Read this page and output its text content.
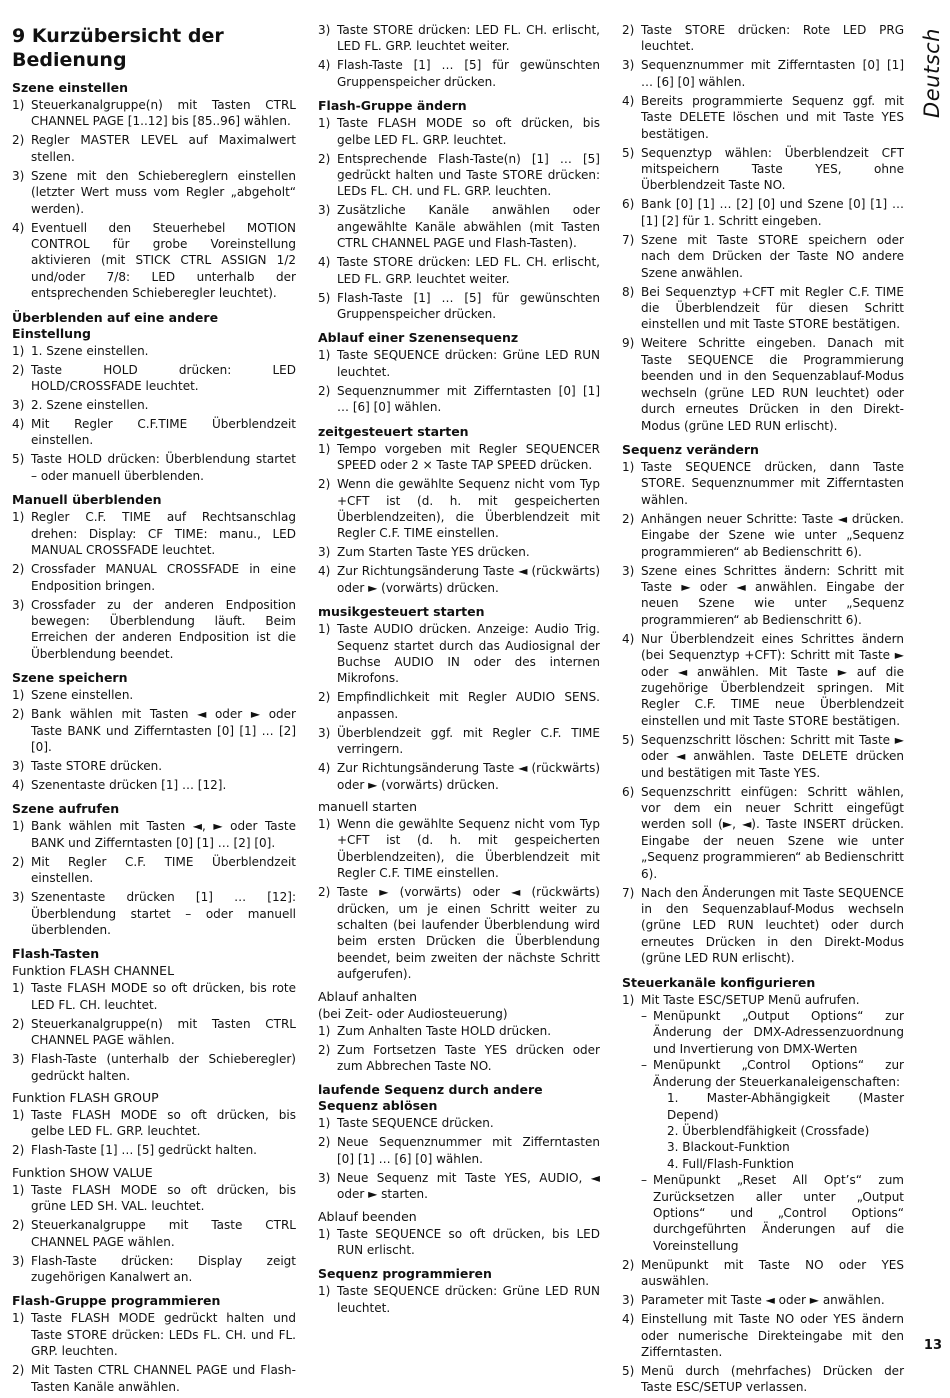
9 Kurzübersicht der Bedienung
Szene einstellen
1) Steuerkanalgruppe(n) mit Tasten CTRL CHANNEL PAGE [1..12] bis [85..96] wählen.
2) Regler MASTER LEVEL auf Maximalwert stellen.
3) Szene mit den Schiebereglern einstellen (letzter Wert muss vom Regler „abgeholt“ werden).
4) Eventuell den Steuerhebel MOTION CONTROL für grobe Voreinstellung aktivieren (mit STICK CTRL ASSIGN 1/2 und/oder 7/8: LED unterhalb der entsprechenden Schieberegler leuchtet).
Überblenden auf eine andere Einstellung
1) 1. Szene einstellen.
2) Taste HOLD drücken: LED HOLD/CROSSFADE leuchtet.
3) 2. Szene einstellen.
4) Mit Regler C.F.TIME Überblendzeit einstellen.
5) Taste HOLD drücken: Überblendung startet – oder manuell überblenden.
Manuell überblenden
1) Regler C.F. TIME auf Rechtsanschlag drehen: Display: CF TIME: manu., LED MANUAL CROSSFADE leuchtet.
2) Crossfader MANUAL CROSSFADE in eine Endposition bringen.
3) Crossfader zu der anderen Endposition bewegen: Überblendung läuft. Beim Erreichen der anderen Endposition ist die Überblendung beendet.
Szene speichern
1) Szene einstellen.
2) Bank wählen mit Tasten ◄ oder ► oder Taste BANK und Zifferntasten [0] [1] … [2] [0].
3) Taste STORE drücken.
4) Szenentaste drücken [1] … [12].
Szene aufrufen
1) Bank wählen mit Tasten ◄, ► oder Taste BANK und Zifferntasten [0] [1] … [2] [0].
2) Mit Regler C.F. TIME Überblendzeit einstellen.
3) Szenentaste drücken [1] … [12]: Überblendung startet – oder manuell überblenden.
Flash-Tasten
Funktion FLASH CHANNEL
1) Taste FLASH MODE so oft drücken, bis rote LED FL. CH. leuchtet.
2) Steuerkanalgruppe(n) mit Tasten CTRL CHANNEL PAGE wählen.
3) Flash-Taste (unterhalb der Schieberegler) gedrückt halten.
Funktion FLASH GROUP
1) Taste FLASH MODE so oft drücken, bis gelbe LED FL. GRP. leuchtet.
2) Flash-Taste [1] … [5] gedrückt halten.
Funktion SHOW VALUE
1) Taste FLASH MODE so oft drücken, bis grüne LED SH. VAL. leuchtet.
2) Steuerkanalgruppe mit Taste CTRL CHANNEL PAGE wählen.
3) Flash-Taste drücken: Display zeigt zugehörigen Kanalwert an.
Flash-Gruppe programmieren
1) Taste FLASH MODE gedrückt halten und Taste STORE drücken: LEDs FL. CH. und FL. GRP. leuchten.
2) Mit Tasten CTRL CHANNEL PAGE und Flash-Tasten Kanäle anwählen.
3) Taste STORE drücken: LED FL. CH. erlischt, LED FL. GRP. leuchtet weiter.
4) Flash-Taste [1] … [5] für gewünschten Gruppenspeicher drücken.
Flash-Gruppe ändern
1) Taste FLASH MODE so oft drücken, bis gelbe LED FL. GRP. leuchtet.
2) Entsprechende Flash-Taste(n) [1] … [5] gedrückt halten und Taste STORE drücken: LEDs FL. CH. und FL. GRP. leuchten.
3) Zusätzliche Kanäle anwählen oder angewählte Kanäle abwählen (mit Tasten CTRL CHANNEL PAGE und Flash-Tasten).
4) Taste STORE drücken: LED FL. CH. erlischt, LED FL. GRP. leuchtet weiter.
5) Flash-Taste [1] … [5] für gewünschten Gruppenspeicher drücken.
Ablauf einer Szenensequenz
1) Taste SEQUENCE drücken: Grüne LED RUN leuchtet.
2) Sequenznummer mit Zifferntasten [0] [1] … [6] [0] wählen.
zeitgesteuert starten
1) Tempo vorgeben mit Regler SEQUENCER SPEED oder 2 × Taste TAP SPEED drücken.
2) Wenn die gewählte Sequenz nicht vom Typ +CFT ist (d. h. mit gespeicherten Überblendzeiten), die Überblendzeit mit Regler C.F. TIME einstellen.
3) Zum Starten Taste YES drücken.
4) Zur Richtungsänderung Taste ◄ (rückwärts) oder ► (vorwärts) drücken.
musikgesteuert starten
1) Taste AUDIO drücken. Anzeige: Audio Trig. Sequenz startet durch das Audiosignal der Buchse AUDIO IN oder des internen Mikrofons.
2) Empfindlichkeit mit Regler AUDIO SENS. anpassen.
3) Überblendzeit ggf. mit Regler C.F. TIME verringern.
4) Zur Richtungsänderung Taste ◄ (rückwärts) oder ► (vorwärts) drücken.
manuell starten
1) Wenn die gewählte Sequenz nicht vom Typ +CFT ist (d. h. mit gespeicherten Überblendzeiten), die Überblendzeit mit Regler C.F. TIME einstellen.
2) Taste ► (vorwärts) oder ◄ (rückwärts) drücken, um je einen Schritt weiter zu schalten (bei laufender Überblendung wird beim ersten Drücken die Überblendung beendet, beim zweiten der nächste Schritt aufgerufen).
Ablauf anhalten
(bei Zeit- oder Audiosteuerung)
1) Zum Anhalten Taste HOLD drücken.
2) Zum Fortsetzen Taste YES drücken oder zum Abbrechen Taste NO.
laufende Sequenz durch andere Sequenz ablösen
1) Taste SEQUENCE drücken.
2) Neue Sequenznummer mit Zifferntasten [0] [1] … [6] [0] wählen.
3) Neue Sequenz mit Taste YES, AUDIO, ◄ oder ► starten.
Ablauf beenden
1) Taste SEQUENCE so oft drücken, bis LED RUN erlischt.
Sequenz programmieren
1) Taste SEQUENCE drücken: Grüne LED RUN leuchtet.
2) Taste STORE drücken: Rote LED PRG leuchtet.
3) Sequenznummer mit Zifferntasten [0] [1] … [6] [0] wählen.
4) Bereits programmierte Sequenz ggf. mit Taste DELETE löschen und mit Taste YES bestätigen.
5) Sequenztyp wählen: Überblendzeit CFT mitspeichern Taste YES, ohne Überblendzeit Taste NO.
6) Bank [0] [1] … [2] [0] und Szene [0] [1] … [1] [2] für 1. Schritt eingeben.
7) Szene mit Taste STORE speichern oder nach dem Drücken der Taste NO andere Szene anwählen.
8) Bei Sequenztyp +CFT mit Regler C.F. TIME die Überblendzeit für diesen Schritt einstellen und mit Taste STORE bestätigen.
9) Weitere Schritte eingeben. Danach mit Taste SEQUENCE die Programmierung beenden und in den Sequenzablauf-Modus wechseln (grüne LED RUN leuchtet) oder durch erneutes Drücken in den Direkt-Modus (grüne LED RUN erlischt).
Sequenz verändern
1) Taste SEQUENCE drücken, dann Taste STORE. Sequenznummer mit Zifferntasten wählen.
2) Anhängen neuer Schritte: Taste ◄ drücken. Eingabe der Szene wie unter „Sequenz programmieren“ ab Bedienschritt 6).
3) Szene eines Schrittes ändern: Schritt mit Taste ► oder ◄ anwählen. Eingabe der neuen Szene wie unter „Sequenz programmieren“ ab Bedienschritt 6).
4) Nur Überblendzeit eines Schrittes ändern (bei Sequenztyp +CFT): Schritt mit Taste ► oder ◄ anwählen. Mit Taste ► auf die zugehörige Überblendzeit springen. Mit Regler C.F. TIME neue Überblendzeit einstellen und mit Taste STORE bestätigen.
5) Sequenzschritt löschen: Schritt mit Taste ► oder ◄ anwählen. Taste DELETE drücken und bestätigen mit Taste YES.
6) Sequenzschritt einfügen: Schritt wählen, vor dem ein neuer Schritt eingefügt werden soll (►, ◄). Taste INSERT drücken. Eingabe der neuen Szene wie unter „Sequenz programmieren“ ab Bedienschritt 6).
7) Nach den Änderungen mit Taste SEQUENCE in den Sequenzablauf-Modus wechseln (grüne LED RUN leuchtet) oder durch erneutes Drücken in den Direkt-Modus (grüne LED RUN erlischt).
Steuerkanäle konfigurieren
1) Mit Taste ESC/SETUP Menü aufrufen.
– Menüpunkt „Output Options“ zur Änderung der DMX-Adressenzuordnung und Invertierung von DMX-Werten
– Menüpunkt „Control Options“ zur Änderung der Steuerkanaleigenschaften:
1. Master-Abhängigkeit (Master Depend)
2. Überblendfähigkeit (Crossfade)
3. Blackout-Funktion
4. Full/Flash-Funktion
– Menüpunkt „Reset All Opt’s“ zum Zurücksetzen aller unter „Output Options“ und „Control Options“ durchgeführten Änderungen auf die Voreinstellung
2) Menüpunkt mit Taste NO oder YES auswählen.
3) Parameter mit Taste ◄ oder ► anwählen.
4) Einstellung mit Taste NO oder YES ändern oder numerische Direkteingabe mit den Zifferntasten.
5) Menü durch (mehrfaches) Drücken der Taste ESC/SETUP verlassen.
Deutsch
13
